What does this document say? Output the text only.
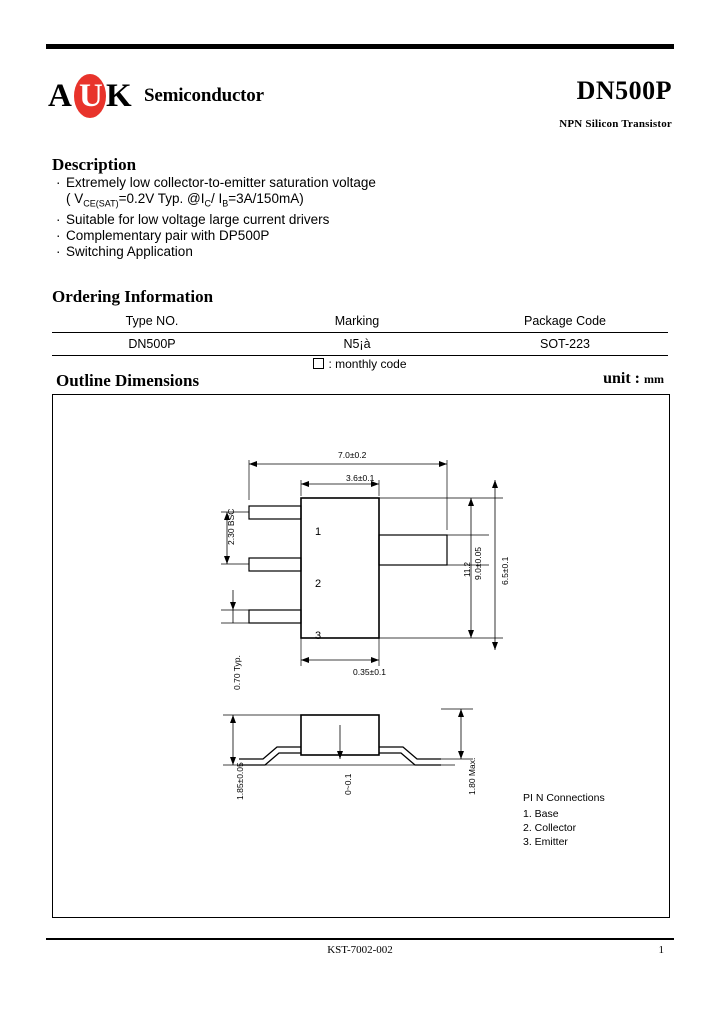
A U K Semiconductor	DN500P
NPN Silicon Transistor
Description
· Extremely low collector-to-emitter saturation voltage
( $V_{CE(SAT)}=0.2V$ Typ. $@I_C/$ $I_B=3A/150mA$)
· Suitable for low voltage large current drivers
· Complementary pair with DP500P
· Switching Application
Ordering Information
Type NO.	Marking	Package Code
DN500P	N5¡à	SOT-223
: monthly code
Outline Dimensions	unit : mm
7.0±0.2
3.6±0.1
2.30 BSC
0.70 Typ.	0.35±0.1
9.0±0.05 6.5±0.1
11.2
1
2
3
1.85±0.05	0~0.1	1.80 Max.
PI N Connections
1. Base
2. Collector
3. Emitter
KST-7002-002	1
